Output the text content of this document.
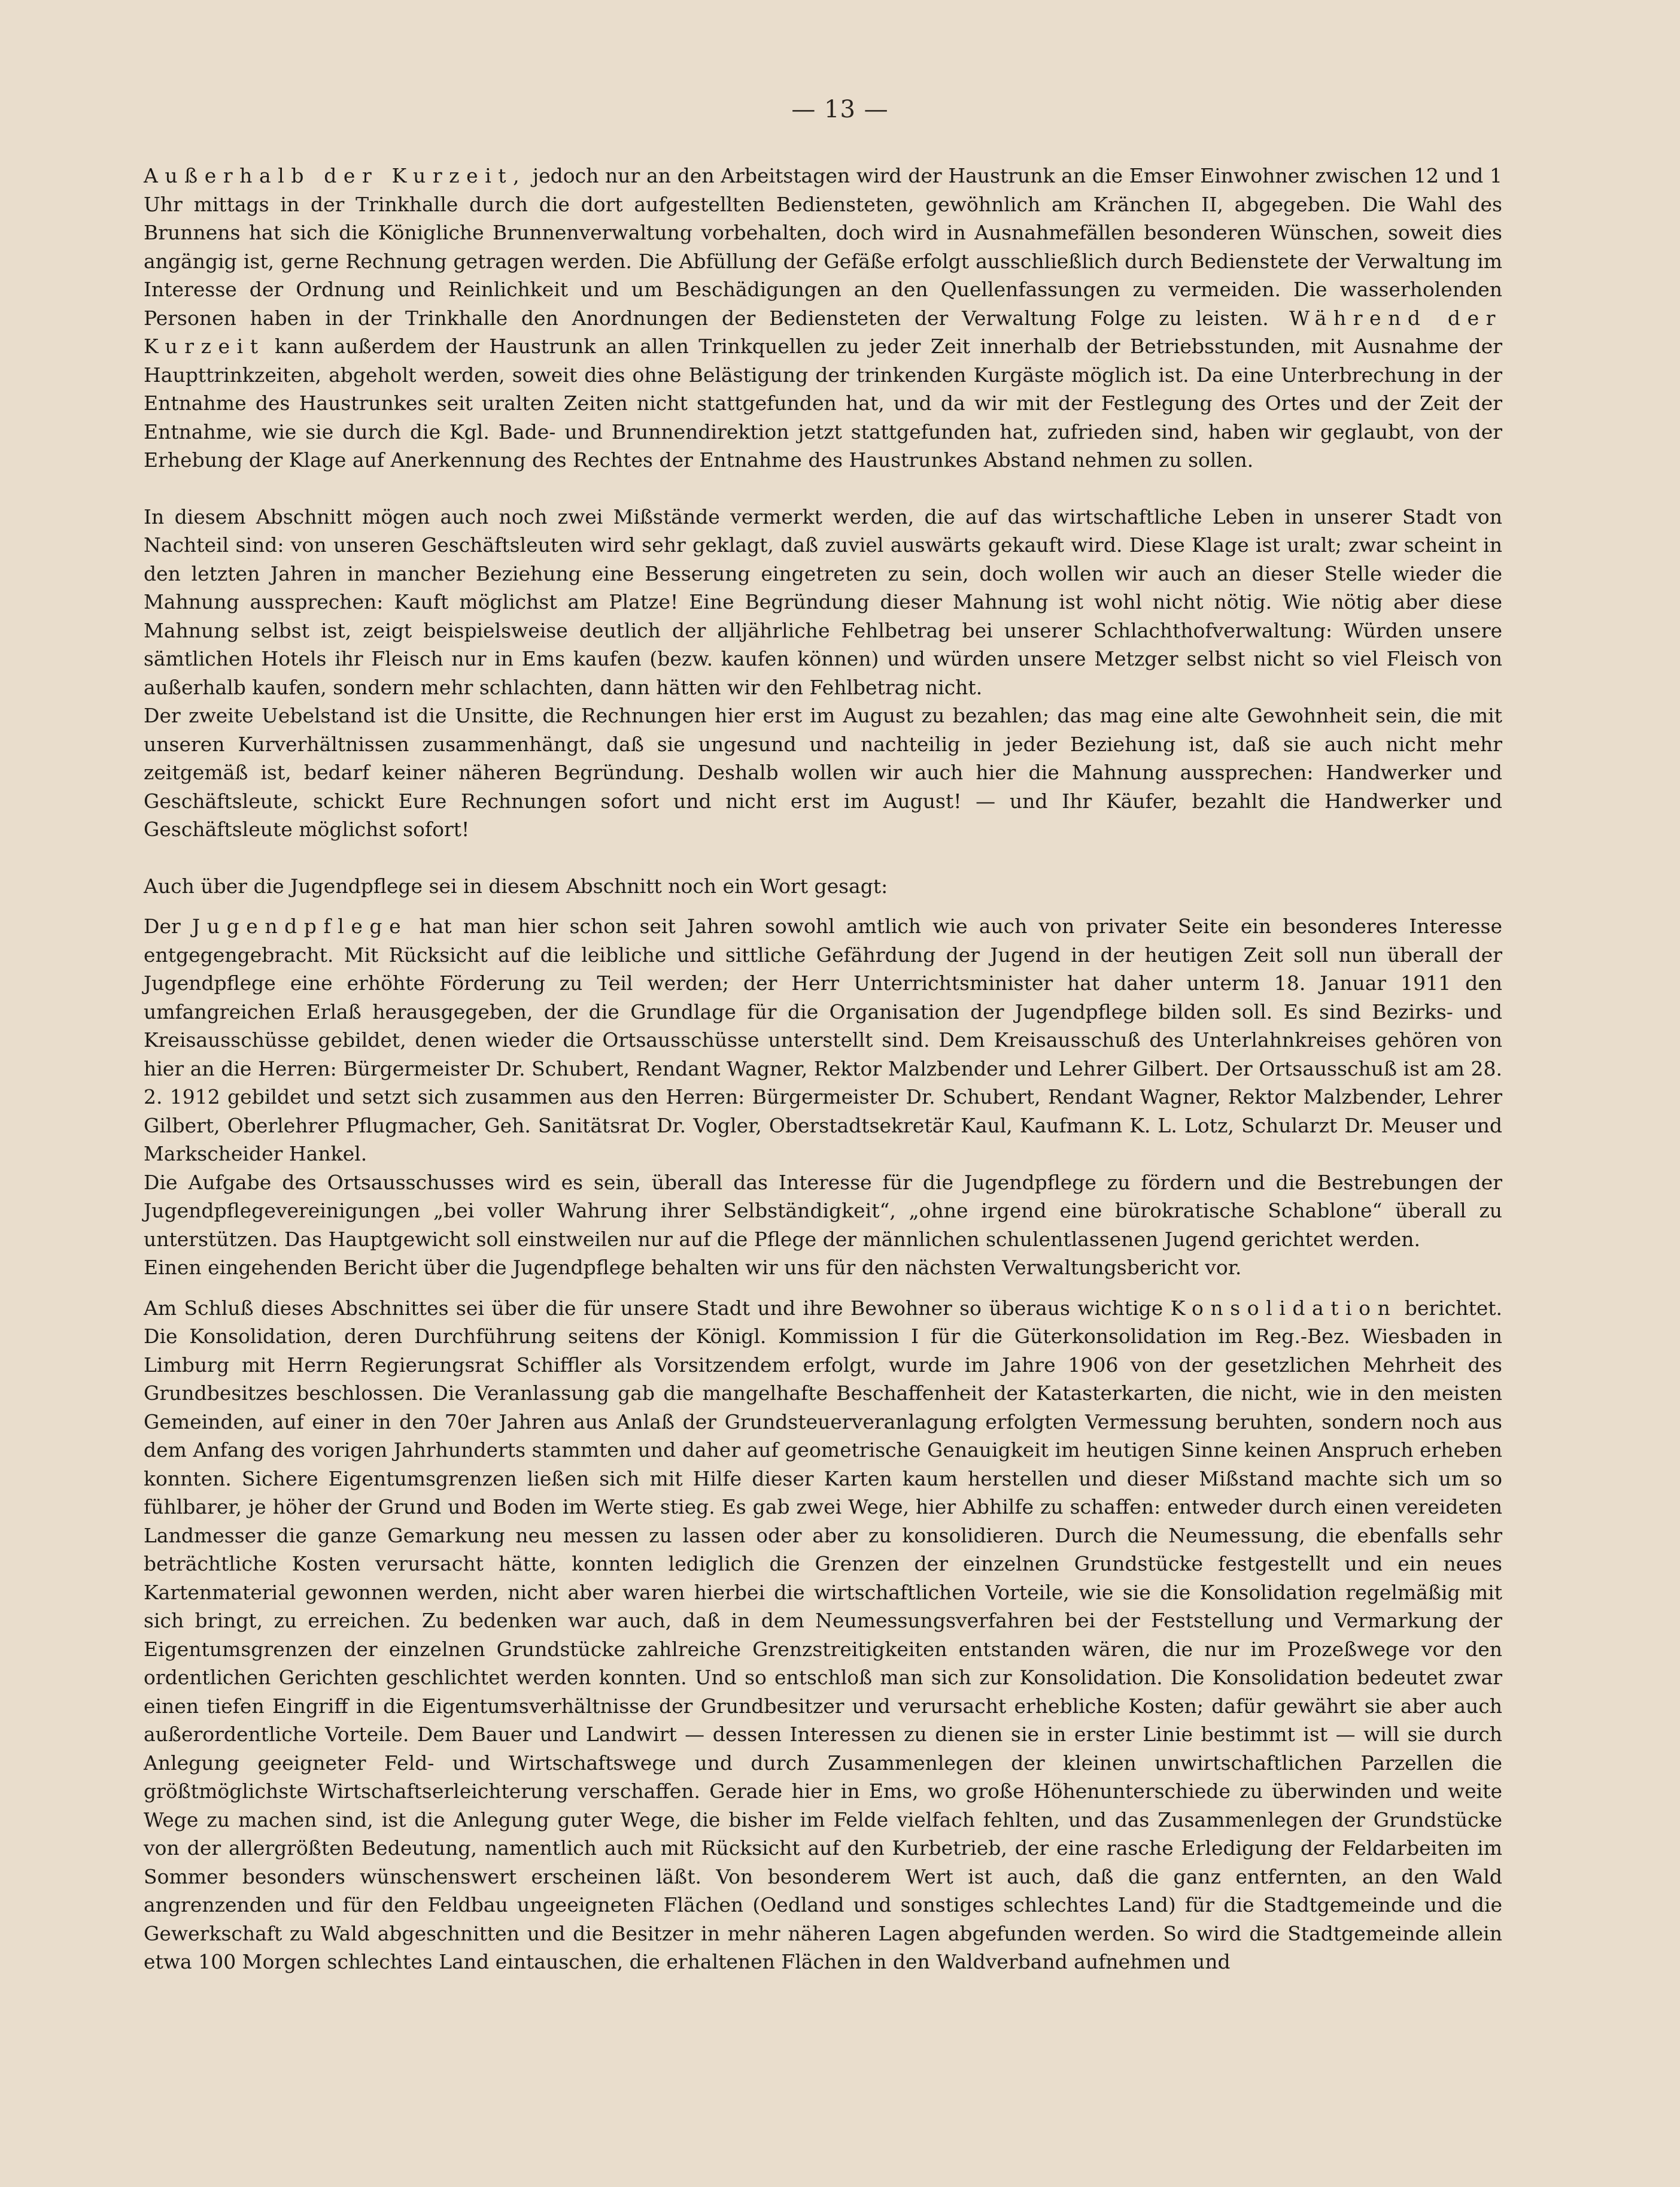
— 13 —

Außerhalb der Kurzeit, jedoch nur an den Arbeitstagen wird der Haustrunk an die Emser Einwohner zwischen 12 und 1 Uhr mittags in der Trinkhalle durch die dort aufgestellten Bediensteten, gewöhnlich am Kränchen II, abgegeben. Die Wahl des Brunnens hat sich die Königliche Brunnenverwaltung vorbehalten, doch wird in Ausnahmefällen besonderen Wünschen, soweit dies angängig ist, gerne Rechnung getragen werden. Die Abfüllung der Gefäße erfolgt ausschließlich durch Bedienstete der Verwaltung im Interesse der Ordnung und Reinlichkeit und um Beschädigungen an den Quellenfassungen zu vermeiden. Die wasserholenden Personen haben in der Trinkhalle den Anordnungen der Bediensteten der Verwaltung Folge zu leisten. Während der Kurzeit kann außerdem der Haustrunk an allen Trinkquellen zu jeder Zeit innerhalb der Betriebsstunden, mit Ausnahme der Haupttrinkzeiten, abgeholt werden, soweit dies ohne Belästigung der trinkenden Kurgäste möglich ist. Da eine Unterbrechung in der Entnahme des Haustrunkes seit uralten Zeiten nicht stattgefunden hat, und da wir mit der Festlegung des Ortes und der Zeit der Entnahme, wie sie durch die Kgl. Bade- und Brunnendirektion jetzt stattgefunden hat, zufrieden sind, haben wir geglaubt, von der Erhebung der Klage auf Anerkennung des Rechtes der Entnahme des Haustrunkes Abstand nehmen zu sollen.

In diesem Abschnitt mögen auch noch zwei Mißstände vermerkt werden, die auf das wirtschaftliche Leben in unserer Stadt von Nachteil sind: von unseren Geschäftsleuten wird sehr geklagt, daß zuviel auswärts gekauft wird. Diese Klage ist uralt; zwar scheint in den letzten Jahren in mancher Beziehung eine Besserung eingetreten zu sein, doch wollen wir auch an dieser Stelle wieder die Mahnung aussprechen: Kauft möglichst am Platze! Eine Begründung dieser Mahnung ist wohl nicht nötig. Wie nötig aber diese Mahnung selbst ist, zeigt beispielsweise deutlich der alljährliche Fehlbetrag bei unserer Schlachthofverwaltung: Würden unsere sämtlichen Hotels ihr Fleisch nur in Ems kaufen (bezw. kaufen können) und würden unsere Metzger selbst nicht so viel Fleisch von außerhalb kaufen, sondern mehr schlachten, dann hätten wir den Fehlbetrag nicht.

Der zweite Uebelstand ist die Unsitte, die Rechnungen hier erst im August zu bezahlen; das mag eine alte Gewohnheit sein, die mit unseren Kurverhältnissen zusammenhängt, daß sie ungesund und nachteilig in jeder Beziehung ist, daß sie auch nicht mehr zeitgemäß ist, bedarf keiner näheren Begründung. Deshalb wollen wir auch hier die Mahnung aussprechen: Handwerker und Geschäftsleute, schickt Eure Rechnungen sofort und nicht erst im August! — und Ihr Käufer, bezahlt die Handwerker und Geschäftsleute möglichst sofort!

Auch über die Jugendpflege sei in diesem Abschnitt noch ein Wort gesagt:

Der Jugendpflege hat man hier schon seit Jahren sowohl amtlich wie auch von privater Seite ein besonderes Interesse entgegengebracht. Mit Rücksicht auf die leibliche und sittliche Gefährdung der Jugend in der heutigen Zeit soll nun überall der Jugendpflege eine erhöhte Förderung zu Teil werden; der Herr Unterrichtsminister hat daher unterm 18. Januar 1911 den umfangreichen Erlaß herausgegeben, der die Grundlage für die Organisation der Jugendpflege bilden soll. Es sind Bezirks- und Kreisausschüsse gebildet, denen wieder die Ortsausschüsse unterstellt sind. Dem Kreisausschuß des Unterlahnkreises gehören von hier an die Herren: Bürgermeister Dr. Schubert, Rendant Wagner, Rektor Malzbender und Lehrer Gilbert. Der Ortsausschuß ist am 28. 2. 1912 gebildet und setzt sich zusammen aus den Herren: Bürgermeister Dr. Schubert, Rendant Wagner, Rektor Malzbender, Lehrer Gilbert, Oberlehrer Pflugmacher, Geh. Sanitätsrat Dr. Vogler, Oberstadtsekretär Kaul, Kaufmann K. L. Lotz, Schularzt Dr. Meuser und Markscheider Hankel.

Die Aufgabe des Ortsausschusses wird es sein, überall das Interesse für die Jugendpflege zu fördern und die Bestrebungen der Jugendpflegevereinigungen „bei voller Wahrung ihrer Selbständigkeit“, „ohne irgend eine bürokratische Schablone“ überall zu unterstützen. Das Hauptgewicht soll einstweilen nur auf die Pflege der männlichen schulentlassenen Jugend gerichtet werden.

Einen eingehenden Bericht über die Jugendpflege behalten wir uns für den nächsten Verwaltungsbericht vor.

Am Schluß dieses Abschnittes sei über die für unsere Stadt und ihre Bewohner so überaus wichtige Konsolidation berichtet. Die Konsolidation, deren Durchführung seitens der Königl. Kommission I für die Güterkonsolidation im Reg.-Bez. Wiesbaden in Limburg mit Herrn Regierungsrat Schiffler als Vorsitzendem erfolgt, wurde im Jahre 1906 von der gesetzlichen Mehrheit des Grundbesitzes beschlossen. Die Veranlassung gab die mangelhafte Beschaffenheit der Katasterkarten, die nicht, wie in den meisten Gemeinden, auf einer in den 70er Jahren aus Anlaß der Grundsteuerveranlagung erfolgten Vermessung beruhten, sondern noch aus dem Anfang des vorigen Jahrhunderts stammten und daher auf geometrische Genauigkeit im heutigen Sinne keinen Anspruch erheben konnten. Sichere Eigentumsgrenzen ließen sich mit Hilfe dieser Karten kaum herstellen und dieser Mißstand machte sich um so fühlbarer, je höher der Grund und Boden im Werte stieg. Es gab zwei Wege, hier Abhilfe zu schaffen: entweder durch einen vereideten Landmesser die ganze Gemarkung neu messen zu lassen oder aber zu konsolidieren. Durch die Neumessung, die ebenfalls sehr beträchtliche Kosten verursacht hätte, konnten lediglich die Grenzen der einzelnen Grundstücke festgestellt und ein neues Kartenmaterial gewonnen werden, nicht aber waren hierbei die wirtschaftlichen Vorteile, wie sie die Konsolidation regelmäßig mit sich bringt, zu erreichen. Zu bedenken war auch, daß in dem Neumessungsverfahren bei der Feststellung und Vermarkung der Eigentumsgrenzen der einzelnen Grundstücke zahlreiche Grenzstreitigkeiten entstanden wären, die nur im Prozeßwege vor den ordentlichen Gerichten geschlichtet werden konnten. Und so entschloß man sich zur Konsolidation. Die Konsolidation bedeutet zwar einen tiefen Eingriff in die Eigentumsverhältnisse der Grundbesitzer und verursacht erhebliche Kosten; dafür gewährt sie aber auch außerordentliche Vorteile. Dem Bauer und Landwirt — dessen Interessen zu dienen sie in erster Linie bestimmt ist — will sie durch Anlegung geeigneter Feld- und Wirtschaftswege und durch Zusammenlegen der kleinen unwirtschaftlichen Parzellen die größtmöglichste Wirtschaftserleichterung verschaffen. Gerade hier in Ems, wo große Höhenunterschiede zu überwinden und weite Wege zu machen sind, ist die Anlegung guter Wege, die bisher im Felde vielfach fehlten, und das Zusammenlegen der Grundstücke von der allergrößten Bedeutung, namentlich auch mit Rücksicht auf den Kurbetrieb, der eine rasche Erledigung der Feldarbeiten im Sommer besonders wünschenswert erscheinen läßt. Von besonderem Wert ist auch, daß die ganz entfernten, an den Wald angrenzenden und für den Feldbau ungeeigneten Flächen (Oedland und sonstiges schlechtes Land) für die Stadtgemeinde und die Gewerkschaft zu Wald abgeschnitten und die Besitzer in mehr näheren Lagen abgefunden werden. So wird die Stadtgemeinde allein etwa 100 Morgen schlechtes Land eintauschen, die erhaltenen Flächen in den Waldverband aufnehmen und
